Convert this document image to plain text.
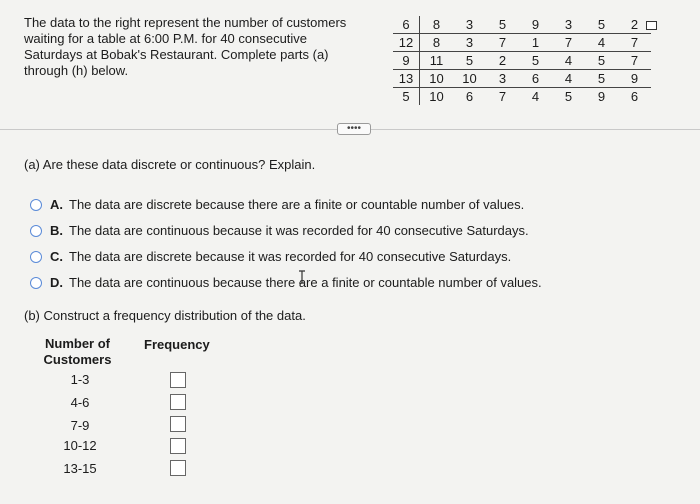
The data to the right represent the number of customers waiting for a table at 6:00 P.M. for 40 consecutive Saturdays at Bobak's Restaurant. Complete parts (a) through (h) below.
6	8	3	5	9	3	5	2
12	8	3	7	1	7	4	7
9	11	5	2	5	4	5	7
13	10	10	3	6	4	5	9
5	10	6	7	4	5	9	6
••••
(a) Are these data discrete or continuous? Explain.
A. The data are discrete because there are a finite or countable number of values.
B. The data are continuous because it was recorded for 40 consecutive Saturdays.
C. The data are discrete because it was recorded for 40 consecutive Saturdays.
D. The data are continuous because there are a finite or countable number of values.
(b) Construct a frequency distribution of the data.
Number of Customers
Frequency
1-3
4-6
7-9
10-12
13-15
